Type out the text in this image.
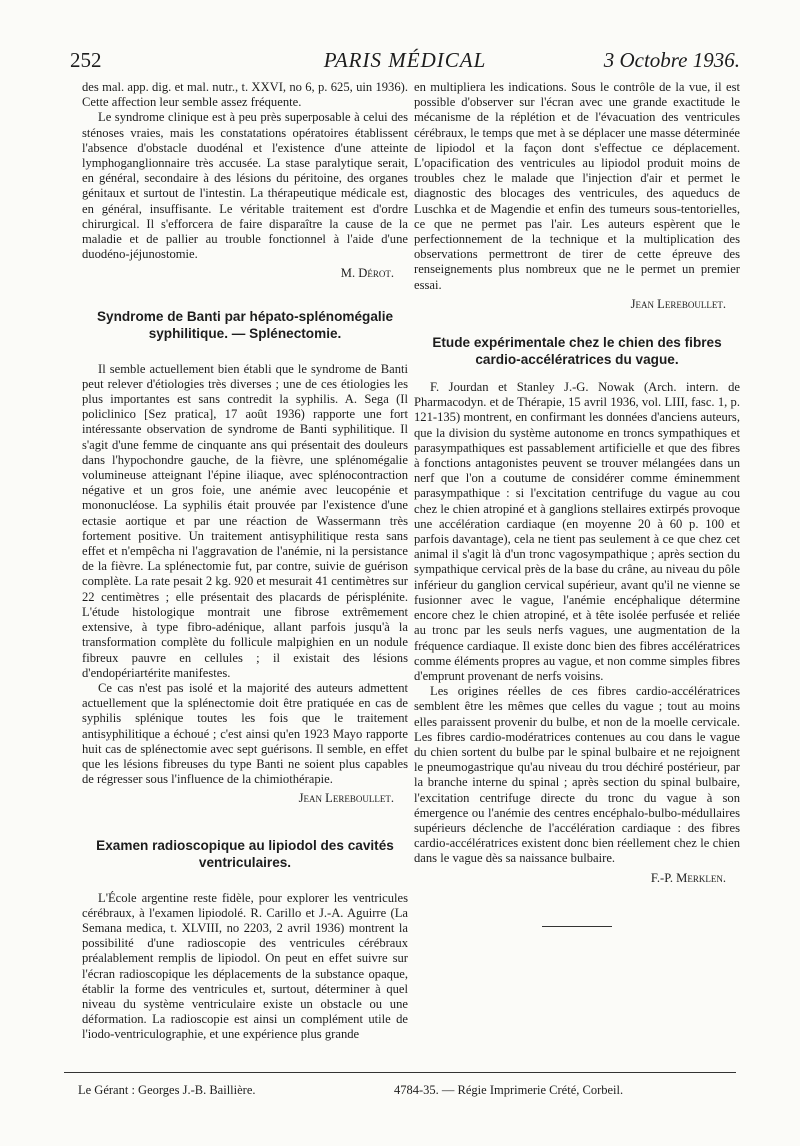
252	PARIS MÉDICAL	3 Octobre 1936.

des mal. app. dig. et mal. nutr., t. XXVI, no 6, p. 625, uin 1936). Cette affection leur semble assez fréquente.

Le syndrome clinique est à peu près superposable à celui des sténoses vraies, mais les constatations opératoires établissent l'absence d'obstacle duodénal et l'existence d'une atteinte lymphoganglionnaire très accusée. La stase paralytique serait, en général, secondaire à des lésions du péritoine, des organes génitaux et surtout de l'intestin. La thérapeutique médicale est, en général, insuffisante. Le véritable traitement est d'ordre chirurgical. Il s'efforcera de faire disparaître la cause de la maladie et de pallier au trouble fonctionnel à l'aide d'une duodéno-jéjunostomie.

M. Dérot.
Syndrome de Banti par hépato-splénomégalie syphilitique. — Splénectomie.

Il semble actuellement bien établi que le syndrome de Banti peut relever d'étiologies très diverses ; une de ces étiologies les plus importantes est sans contredit la syphilis. A. Sega (Il policlinico [Sez pratica], 17 août 1936) rapporte une fort intéressante observation de syndrome de Banti syphilitique. Il s'agit d'une femme de cinquante ans qui présentait des douleurs dans l'hypochondre gauche, de la fièvre, une splénomégalie volumineuse atteignant l'épine iliaque, avec splénocontraction négative et un gros foie, une anémie avec leucopénie et mononucléose. La syphilis était prouvée par l'existence d'une ectasie aortique et par une réaction de Wassermann très fortement positive. Un traitement antisyphilitique resta sans effet et n'empêcha ni l'aggravation de l'anémie, ni la persistance de la fièvre. La splénectomie fut, par contre, suivie de guérison complète. La rate pesait 2 kg. 920 et mesurait 41 centimètres sur 22 centimètres ; elle présentait des placards de périsplénite. L'étude histologique montrait une fibrose extrêmement extensive, à type fibro-adénique, allant parfois jusqu'à la transformation complète du follicule malpighien en un nodule fibreux pauvre en cellules ; il existait des lésions d'endopériartérite manifestes.

Ce cas n'est pas isolé et la majorité des auteurs admettent actuellement que la splénectomie doit être pratiquée en cas de syphilis splénique toutes les fois que le traitement antisyphilitique a échoué ; c'est ainsi qu'en 1923 Mayo rapporte huit cas de splénectomie avec sept guérisons. Il semble, en effet que les lésions fibreuses du type Banti ne soient plus capables de régresser sous l'influence de la chimiothérapie.

Jean Lereboullet.
Examen radioscopique au lipiodol des cavités ventriculaires.

L'École argentine reste fidèle, pour explorer les ventricules cérébraux, à l'examen lipiodolé. R. Carillo et J.-A. Aguirre (La Semana medica, t. XLVIII, no 2203, 2 avril 1936) montrent la possibilité d'une radioscopie des ventricules cérébraux préalablement remplis de lipiodol. On peut en effet suivre sur l'écran radioscopique les déplacements de la substance opaque, établir la forme des ventricules et, surtout, déterminer à quel niveau du système ventriculaire existe un obstacle ou une déformation. La radioscopie est ainsi un complément utile de l'iodo-ventriculographie, et une expérience plus grande

en multipliera les indications. Sous le contrôle de la vue, il est possible d'observer sur l'écran avec une grande exactitude le mécanisme de la réplétion et de l'évacuation des ventricules cérébraux, le temps que met à se déplacer une masse déterminée de lipiodol et la façon dont s'effectue ce déplacement. L'opacification des ventricules au lipiodol produit moins de troubles chez le malade que l'injection d'air et permet le diagnostic des blocages des ventricules, des aqueducs de Luschka et de Magendie et enfin des tumeurs sous-tentorielles, ce que ne permet pas l'air. Les auteurs espèrent que le perfectionnement de la technique et la multiplication des observations permettront de tirer de cette épreuve des renseignements plus nombreux que ne le permet un premier essai.

Jean Lereboullet.
Etude expérimentale chez le chien des fibres cardio-accélératrices du vague.

F. Jourdan et Stanley J.-G. Nowak (Arch. intern. de Pharmacodyn. et de Thérapie, 15 avril 1936, vol. LIII, fasc. 1, p. 121-135) montrent, en confirmant les données d'anciens auteurs, que la division du système autonome en troncs sympathiques et parasympathiques est passablement artificielle et que des fibres à fonctions antagonistes peuvent se trouver mélangées dans un nerf que l'on a coutume de considérer comme éminemment parasympathique : si l'excitation centrifuge du vague au cou chez le chien atropiné et à ganglions stellaires extirpés provoque une accélération cardiaque (en moyenne 20 à 60 p. 100 et parfois davantage), cela ne tient pas seulement à ce que chez cet animal il s'agit là d'un tronc vagosympathique ; après section du sympathique cervical près de la base du crâne, au niveau du pôle inférieur du ganglion cervical supérieur, avant qu'il ne vienne se fusionner avec le vague, l'anémie encéphalique détermine encore chez le chien atropiné, et à tête isolée perfusée et reliée au tronc par les seuls nerfs vagues, une augmentation de la fréquence cardiaque. Il existe donc bien des fibres accélératrices comme éléments propres au vague, et non comme simples fibres d'emprunt provenant de nerfs voisins.

Les origines réelles de ces fibres cardio-accélératrices semblent être les mêmes que celles du vague ; tout au moins elles paraissent provenir du bulbe, et non de la moelle cervicale. Les fibres cardio-modératrices contenues au cou dans le vague du chien sortent du bulbe par le spinal bulbaire et ne rejoignent le pneumogastrique qu'au niveau du trou déchiré postérieur, par la branche interne du spinal ; après section du spinal bulbaire, l'excitation centrifuge directe du tronc du vague à son émergence ou l'anémie des centres encéphalo-bulbo-médullaires supérieurs déclenche de l'accélération cardiaque : des fibres cardio-accélératrices existent donc bien réellement chez le chien dans le vague dès sa naissance bulbaire.

F.-P. Merklen.
Le Gérant : Georges J.-B. Baillière.	4784-35. — Régie Imprimerie Crété, Corbeil.
